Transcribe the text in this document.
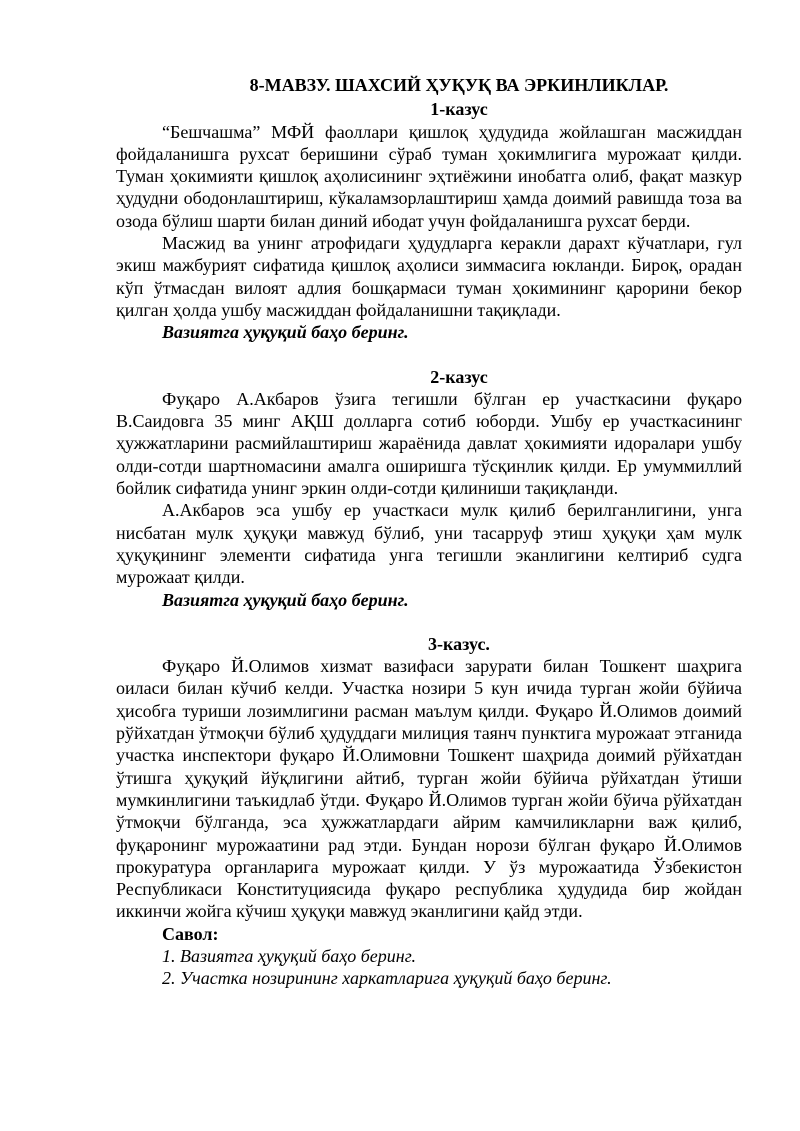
8-МАВЗУ. ШАХСИЙ ҲУҚУҚ ВА ЭРКИНЛИКЛАР.

1-казус

“Бешчашма” МФЙ фаоллари қишлоқ ҳудудида жойлашган масжиддан фойдаланишга рухсат беришини сўраб туман ҳокимлигига мурожаат қилди. Туман ҳокимияти қишлоқ аҳолисининг эҳтиёжини инобатга олиб, фақат мазкур ҳудудни ободонлаштириш, кўкаламзорлаштириш ҳамда доимий равишда тоза ва озода бўлиш шарти билан диний ибодат учун фойдаланишга рухсат берди.

Масжид ва унинг атрофидаги ҳудудларга керакли дарахт кўчатлари, гул экиш мажбурият сифатида қишлоқ аҳолиси зиммасига юкланди. Бироқ, орадан кўп ўтмасдан вилоят адлия бошқармаси туман ҳокимининг қарорини бекор қилган ҳолда ушбу масжиддан фойдаланишни тақиқлади.

Вазиятга ҳуқуқий баҳо беринг.

2-казус

Фуқаро А.Акбаров ўзига тегишли бўлган ер участкасини фуқаро В.Саидовга 35 минг АҚШ долларга сотиб юборди. Ушбу ер участкасининг ҳужжатларини расмийлаштириш жараёнида давлат ҳокимияти идоралари ушбу олди-сотди шартномасини амалга оширишга тўсқинлик қилди. Ер умуммиллий бойлик сифатида унинг эркин олди-сотди қилиниши тақиқланди.

А.Акбаров эса ушбу ер участкаси мулк қилиб берилганлигини, унга нисбатан мулк ҳуқуқи мавжуд бўлиб, уни тасарруф этиш ҳуқуқи ҳам мулк ҳуқуқининг элементи сифатида унга тегишли эканлигини келтириб судга мурожаат қилди.

Вазиятга ҳуқуқий баҳо беринг.

3-казус.

Фуқаро Й.Олимов хизмат вазифаси зарурати билан Тошкент шаҳрига оиласи билан кўчиб келди. Участка нозири 5 кун ичида турган жойи бўйича ҳисобга туриши лозимлигини расман маълум қилди. Фуқаро Й.Олимов доимий рўйхатдан ўтмоқчи бўлиб ҳудуддаги милиция таянч пунктига мурожаат этганида участка инспектори фуқаро Й.Олимовни Тошкент шаҳрида доимий рўйхатдан ўтишга ҳуқуқий йўқлигини айтиб, турган жойи бўйича рўйхатдан ўтиши мумкинлигини таъкидлаб ўтди. Фуқаро Й.Олимов турган жойи бўича рўйхатдан ўтмоқчи бўлганда, эса ҳужжатлардаги айрим камчиликларни важ қилиб, фуқаронинг мурожаатини рад этди. Бундан норози бўлган фуқаро Й.Олимов прокуратура органларига мурожаат қилди. У ўз мурожаатида Ўзбекистон Республикаси Конституциясида фуқаро республика ҳудудида бир жойдан иккинчи жойга кўчиш ҳуқуқи мавжуд эканлигини қайд этди.

Савол:

1. Вазиятга ҳуқуқий баҳо беринг.

2. Участка нозирининг харкатларига ҳуқуқий баҳо беринг.
